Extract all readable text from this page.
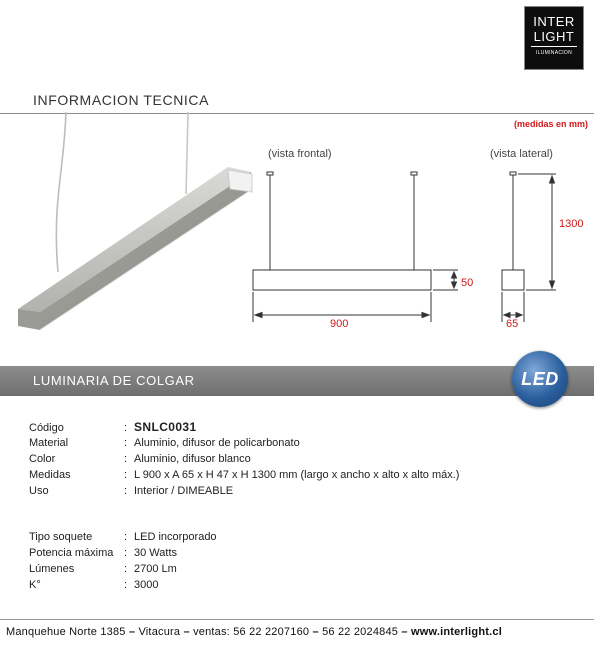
INTER
LIGHT
ILUMINACION
INFORMACION TECNICA
(medidas en mm)
(vista frontal)	(vista lateral)
1300
50
900	65
LUMINARIA DE COLGAR	LED
Código	: SNLC0031
Material	: Aluminio, difusor de policarbonato
Color	: Aluminio, difusor blanco
Medidas	: L 900 x A 65 x H 47 x H 1300 mm (largo x ancho x alto x alto máx.)
Uso	: Interior / DIMEABLE
Tipo soquete	: LED incorporado
Potencia máxima : 30 Watts
Lúmenes	: 2700 Lm
K°	: 3000
Manquehue Norte 1385 – Vitacura – ventas: 56 22 2207160 – 56 22 2024845 – www.interlight.cl
